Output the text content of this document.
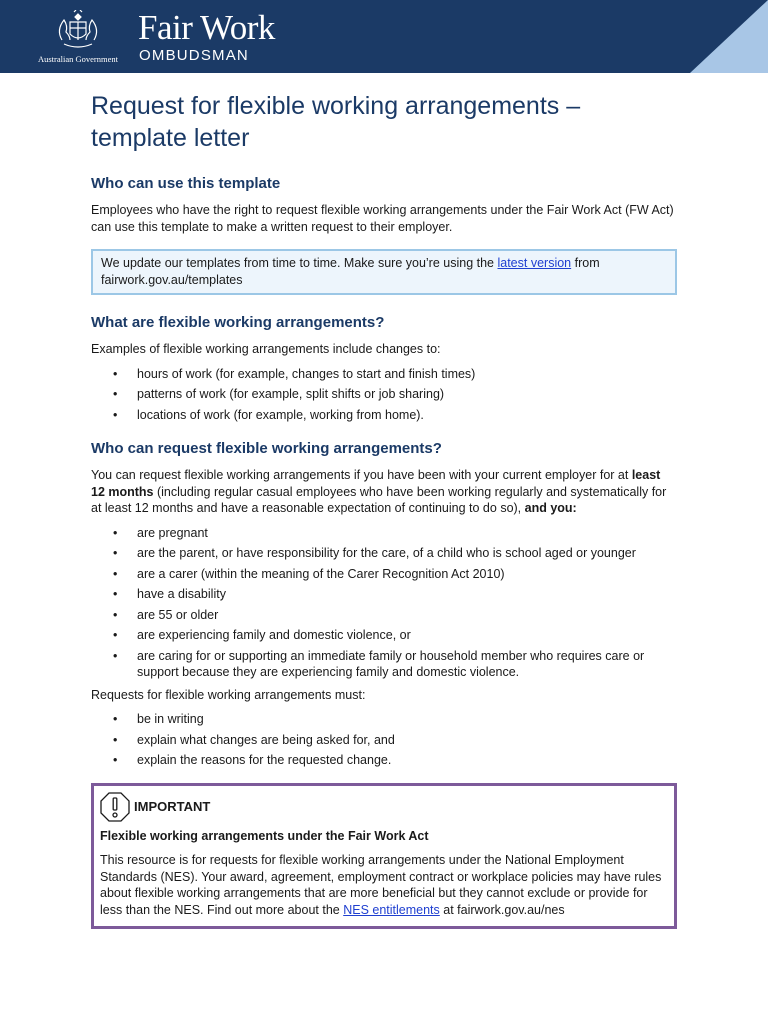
Australian Government
Fair Work
OMBUDSMAN
Request for flexible working arrangements – template letter
Who can use this template

Employees who have the right to request flexible working arrangements under the Fair Work Act (FW Act) can use this template to make a written request to their employer.

We update our templates from time to time. Make sure you’re using the latest version from fairwork.gov.au/templates
What are flexible working arrangements?

Examples of flexible working arrangements include changes to:

• hours of work (for example, changes to start and finish times)
• patterns of work (for example, split shifts or job sharing)
• locations of work (for example, working from home).
Who can request flexible working arrangements?

You can request flexible working arrangements if you have been with your current employer for at least 12 months (including regular casual employees who have been working regularly and systematically for at least 12 months and have a reasonable expectation of continuing to do so), and you:

• are pregnant
• are the parent, or have responsibility for the care, of a child who is school aged or younger
• are a carer (within the meaning of the Carer Recognition Act 2010)
• have a disability
• are 55 or older
• are experiencing family and domestic violence, or
• are caring for or supporting an immediate family or household member who requires care or support because they are experiencing family and domestic violence.

Requests for flexible working arrangements must:

• be in writing
• explain what changes are being asked for, and
• explain the reasons for the requested change.
IMPORTANT
Flexible working arrangements under the Fair Work Act

This resource is for requests for flexible working arrangements under the National Employment Standards (NES). Your award, agreement, employment contract or workplace policies may have rules about flexible working arrangements that are more beneficial but they cannot exclude or provide for less than the NES. Find out more about the NES entitlements at fairwork.gov.au/nes
